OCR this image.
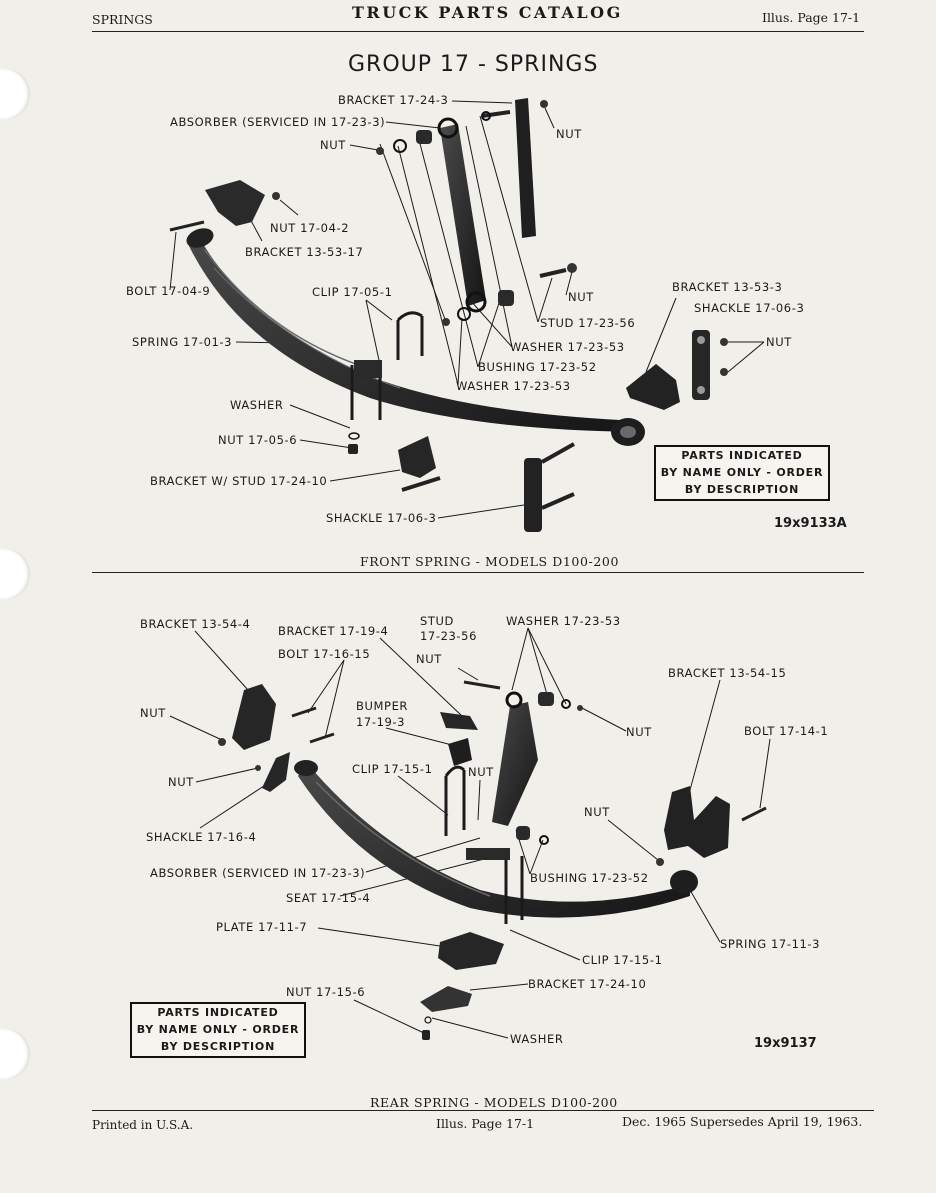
SPRINGS	TRUCK PARTS CATALOG	Illus. Page 17-1
GROUP 17 - SPRINGS
BRACKET 17-24-3
ABSORBER (SERVICED IN 17-23-3)
NUT
NUT
NUT 17-04-2
BRACKET 13-53-17
BOLT 17-04-9	CLIP 17-05-1	NUT
STUD 17-23-56
WASHER 17-23-53
BUSHING 17-23-52
WASHER 17-23-53
SPRING 17-01-3
WASHER
NUT 17-05-6
BRACKET W/ STUD 17-24-10
SHACKLE 17-06-3
BRACKET 13-53-3
SHACKLE 17-06-3
NUT
PARTS INDICATED
BY NAME ONLY - ORDER
BY DESCRIPTION
19x9133A
FRONT SPRING - MODELS D100-200
BRACKET 13-54-4 BRACKET 17-19-4
BOLT 17-16-15
STUD
17-23-56
WASHER 17-23-53
NUT
BRACKET 13-54-15
NUT	BUMPER
17-19-3
NUT	BOLT 17-14-1
CLIP 17-15-1	NUT
NUT
NUT
SHACKLE 17-16-4
ABSORBER (SERVICED IN 17-23-3)	BUSHING 17-23-52
SEAT 17-15-4
PLATE 17-11-7
SPRING 17-11-3
CLIP 17-15-1
NUT 17-15-6
BRACKET 17-24-10
WASHER
PARTS INDICATED
BY NAME ONLY - ORDER
BY DESCRIPTION	19x9137
REAR SPRING - MODELS D100-200
Printed in U.S.A.	Illus. Page 17-1	Dec. 1965 Supersedes April 19, 1963.
